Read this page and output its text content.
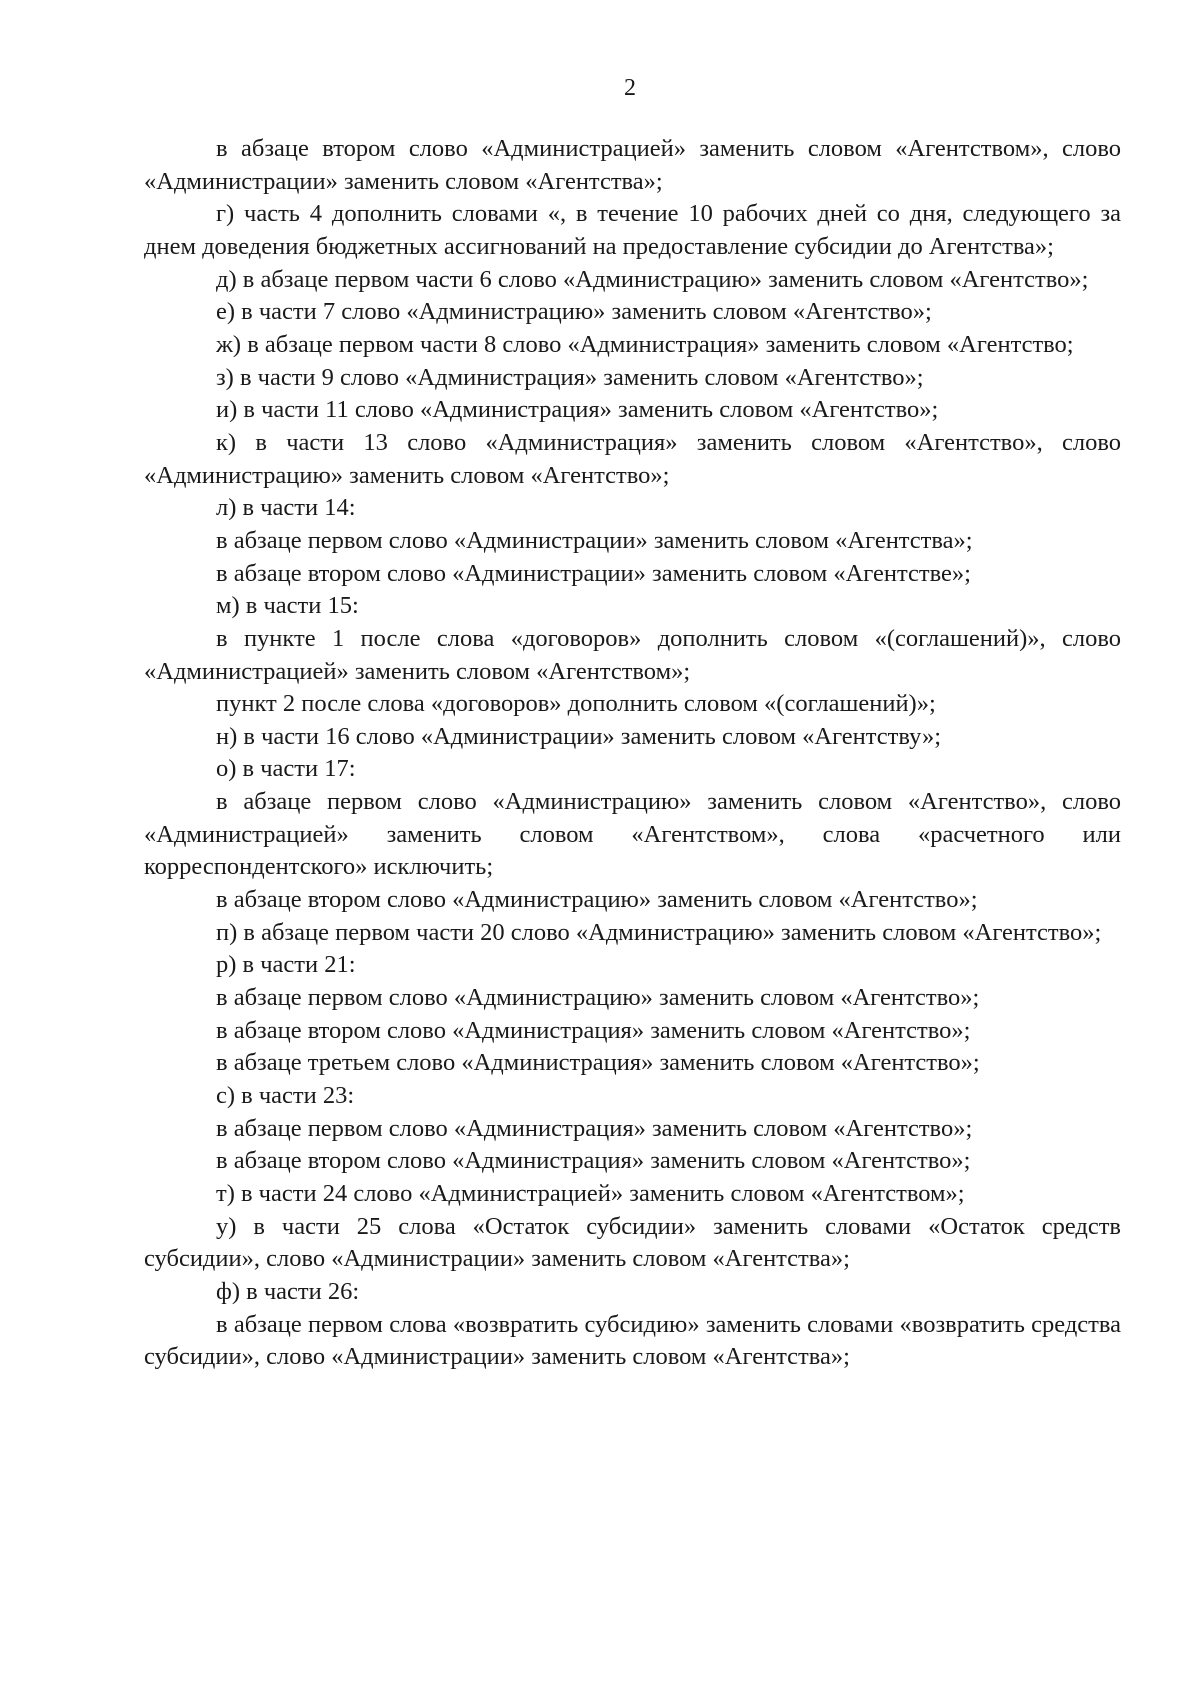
2

в абзаце втором слово «Администрацией» заменить словом «Агентством», слово «Администрации» заменить словом «Агентства»;

г) часть 4 дополнить словами «, в течение 10 рабочих дней со дня, следующего за днем доведения бюджетных ассигнований на предоставление субсидии до Агентства»;

д) в абзаце первом части 6 слово «Администрацию» заменить словом «Агентство»;

е) в части 7 слово «Администрацию» заменить словом «Агентство»;

ж) в абзаце первом части 8 слово «Администрация» заменить словом «Агентство;

з) в части 9 слово «Администрация» заменить словом «Агентство»;

и) в части 11 слово «Администрация» заменить словом «Агентство»;

к) в части 13 слово «Администрация» заменить словом «Агентство», слово «Администрацию» заменить словом «Агентство»;

л) в части 14:

в абзаце первом слово «Администрации» заменить словом «Агентства»;

в абзаце втором слово «Администрации» заменить словом «Агентстве»;

м) в части 15:

в пункте 1 после слова «договоров» дополнить словом «(соглашений)», слово «Администрацией» заменить словом «Агентством»;

пункт 2 после слова «договоров» дополнить словом «(соглашений)»;

н) в части 16 слово «Администрации» заменить словом «Агентству»;

о) в части 17:

в абзаце первом слово «Администрацию» заменить словом «Агентство», слово «Администрацией» заменить словом «Агентством», слова «расчетного или корреспондентского» исключить;

в абзаце втором слово «Администрацию» заменить словом «Агентство»;

п) в абзаце первом части 20 слово «Администрацию» заменить словом «Агентство»;

р) в части 21:

в абзаце первом слово «Администрацию» заменить словом «Агентство»;

в абзаце втором слово «Администрация» заменить словом «Агентство»;

в абзаце третьем слово «Администрация» заменить словом «Агентство»;

с) в части 23:

в абзаце первом слово «Администрация» заменить словом «Агентство»;

в абзаце втором слово «Администрация» заменить словом «Агентство»;

т) в части 24 слово «Администрацией» заменить словом «Агентством»;

у) в части 25 слова «Остаток субсидии» заменить словами «Остаток средств субсидии», слово «Администрации» заменить словом «Агентства»;

ф) в части 26:

в абзаце первом слова «возвратить субсидию» заменить словами «возвратить средства субсидии», слово «Администрации» заменить словом «Агентства»;
